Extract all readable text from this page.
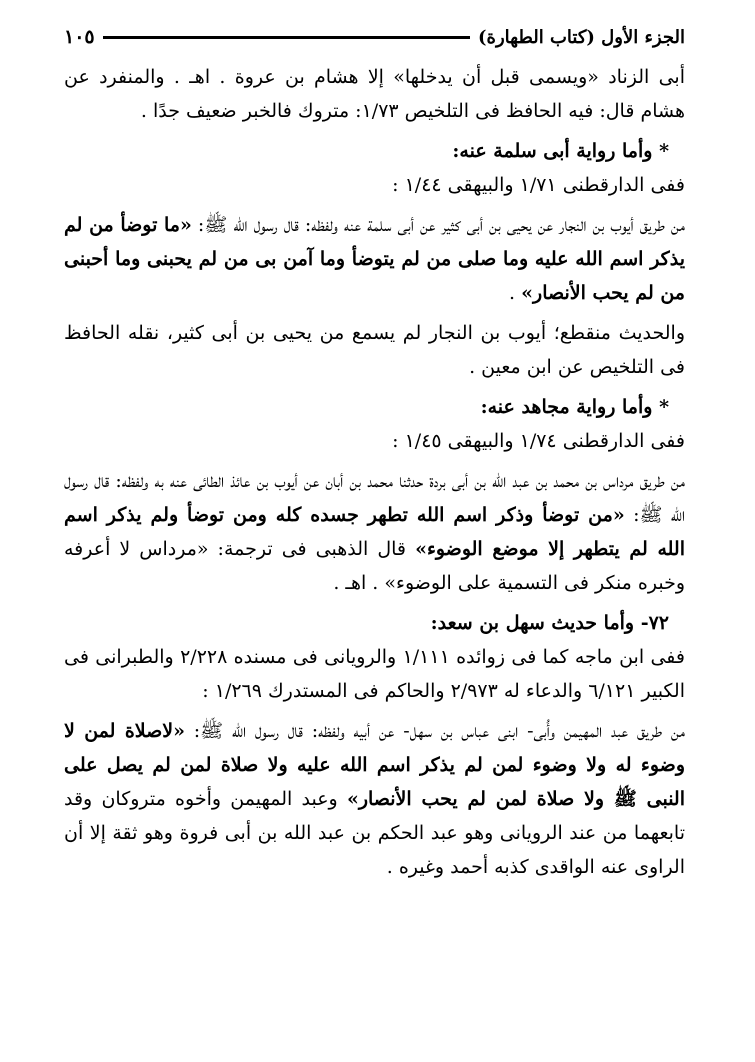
الجزء الأول (كتاب الطهارة)
١٠٥

أبى الزناد «ويسمى قبل أن يدخلها» إلا هشام بن عروة . اهـ . والمنفرد عن هشام قال: فيه الحافظ فى التلخيص ١/٧٣: متروك فالخبر ضعيف جدًا .

* وأما رواية أبى سلمة عنه:

ففى الدارقطنى ١/٧١ والبيهقى ١/٤٤ :

من طريق أيوب بن النجار عن يحيى بن أبى كثير عن أبى سلمة عنه ولفظه: قال رسول الله ﷺ: «ما توضأ من لم يذكر اسم الله عليه وما صلى من لم يتوضأ وما آمن بى من لم يحبنى وما أحبنى من لم يحب الأنصار» .

والحديث منقطع؛ أيوب بن النجار لم يسمع من يحيى بن أبى كثير، نقله الحافظ فى التلخيص عن ابن معين .

* وأما رواية مجاهد عنه:

ففى الدارقطنى ١/٧٤ والبيهقى ١/٤٥ :

من طريق مرداس بن محمد بن عبد الله بن أبى بردة حدثنا محمد بن أبان عن أيوب بن عائذ الطائى عنه به ولفظه: قال رسول الله ﷺ: «من توضأ وذكر اسم الله تطهر جسده كله ومن توضأ ولم يذكر اسم الله لم يتطهر إلا موضع الوضوء» قال الذهبى فى ترجمة: «مرداس لا أعرفه وخبره منكر فى التسمية على الوضوء» . اهـ .

٧٢- وأما حديث سهل بن سعد:

ففى ابن ماجه كما فى زوائده ١/١١١ والرويانى فى مسنده ٢/٢٢٨ والطبرانى فى الكبير ٦/١٢١ والدعاء له ٢/٩٧٣ والحاكم فى المستدرك ١/٢٦٩ :

من طريق عبد المهيمن وأُبى- ابنى عباس بن سهل- عن أبيه ولفظه: قال رسول الله ﷺ: «لاصلاة لمن لا وضوء له ولا وضوء لمن لم يذكر اسم الله عليه ولا صلاة لمن لم يصل على النبى ﷺ ولا صلاة لمن لم يحب الأنصار» وعبد المهيمن وأخوه متروكان وقد تابعهما من عند الرويانى وهو عبد الحكم بن عبد الله بن أبى فروة وهو ثقة إلا أن الراوى عنه الواقدى كذبه أحمد وغيره .
